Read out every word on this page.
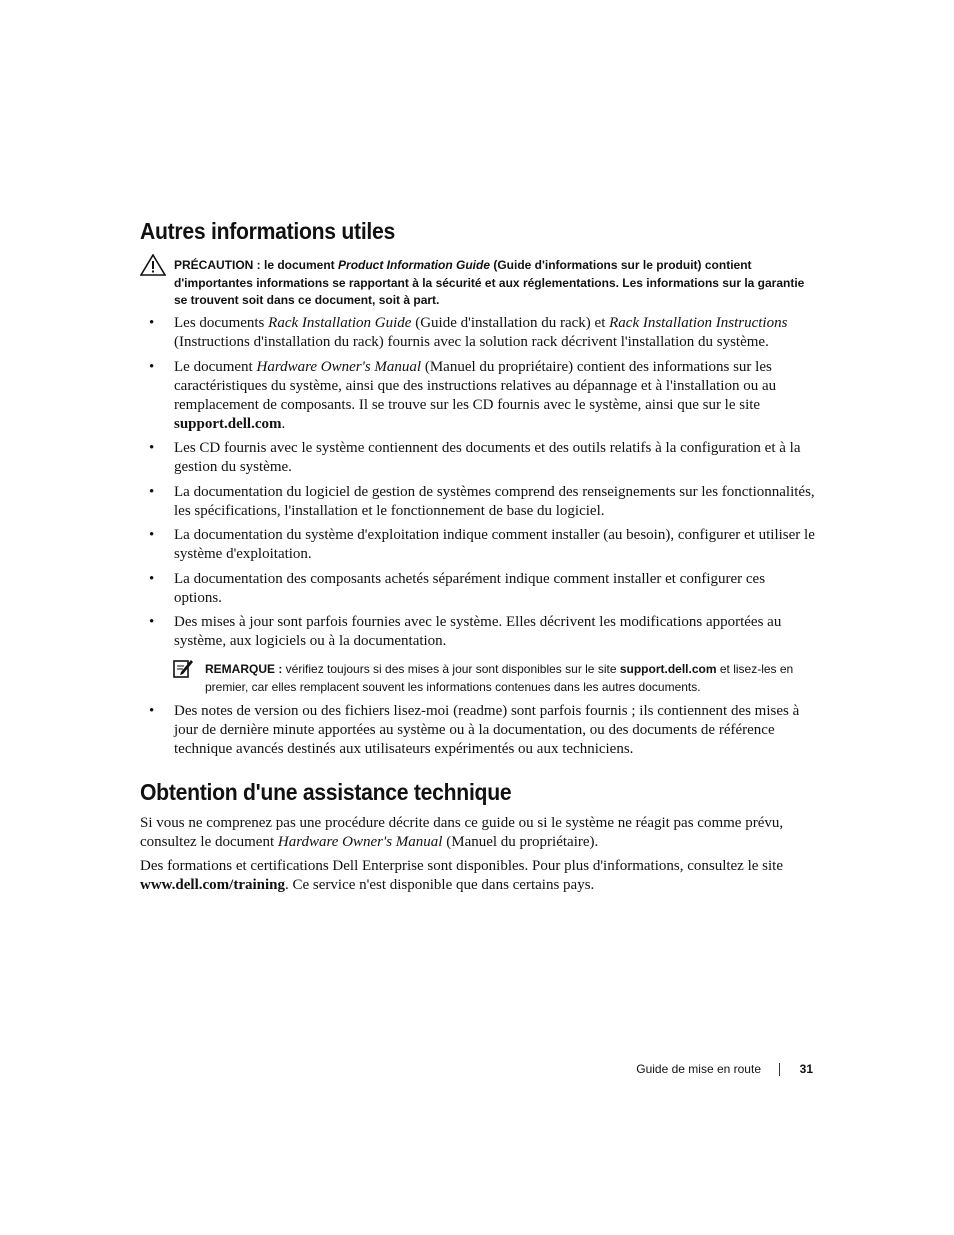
Autres informations utiles
PRÉCAUTION : le document Product Information Guide (Guide d'informations sur le produit) contient d'importantes informations se rapportant à la sécurité et aux réglementations. Les informations sur la garantie se trouvent soit dans ce document, soit à part.
• Les documents Rack Installation Guide (Guide d'installation du rack) et Rack Installation Instructions (Instructions d'installation du rack) fournis avec la solution rack décrivent l'installation du système.
• Le document Hardware Owner's Manual (Manuel du propriétaire) contient des informations sur les caractéristiques du système, ainsi que des instructions relatives au dépannage et à l'installation ou au remplacement de composants. Il se trouve sur les CD fournis avec le système, ainsi que sur le site support.dell.com.
• Les CD fournis avec le système contiennent des documents et des outils relatifs à la configuration et à la gestion du système.
• La documentation du logiciel de gestion de systèmes comprend des renseignements sur les fonctionnalités, les spécifications, l'installation et le fonctionnement de base du logiciel.
• La documentation du système d'exploitation indique comment installer (au besoin), configurer et utiliser le système d'exploitation.
• La documentation des composants achetés séparément indique comment installer et configurer ces options.
• Des mises à jour sont parfois fournies avec le système. Elles décrivent les modifications apportées au système, aux logiciels ou à la documentation.
REMARQUE : vérifiez toujours si des mises à jour sont disponibles sur le site support.dell.com et lisez-les en premier, car elles remplacent souvent les informations contenues dans les autres documents.
• Des notes de version ou des fichiers lisez-moi (readme) sont parfois fournis ; ils contiennent des mises à jour de dernière minute apportées au système ou à la documentation, ou des documents de référence technique avancés destinés aux utilisateurs expérimentés ou aux techniciens.
Obtention d'une assistance technique

Si vous ne comprenez pas une procédure décrite dans ce guide ou si le système ne réagit pas comme prévu, consultez le document Hardware Owner's Manual (Manuel du propriétaire).

Des formations et certifications Dell Enterprise sont disponibles. Pour plus d'informations, consultez le site www.dell.com/training. Ce service n'est disponible que dans certains pays.

Guide de mise en route	31
